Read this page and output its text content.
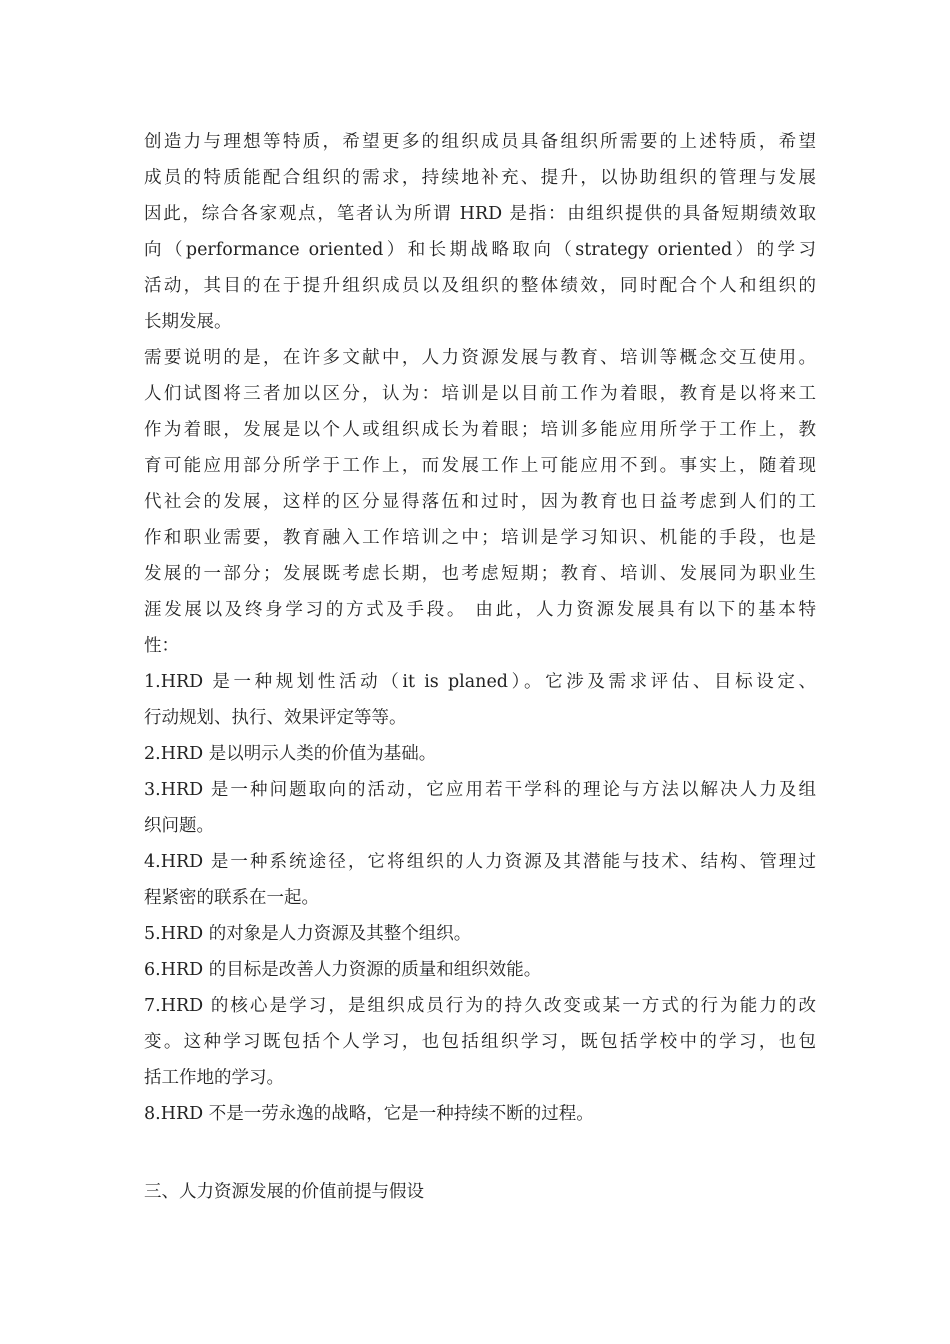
创造力与理想等特质，希望更多的组织成员具备组织所需要的上述特质，希望
成员的特质能配合组织的需求，持续地补充、提升，以协助组织的管理与发展
因此，综合各家观点，笔者认为所谓 HRD 是指：由组织提供的具备短期绩效取
向（performance oriented）和长期战略取向（strategy oriented）的学习
活动，其目的在于提升组织成员以及组织的整体绩效，同时配合个人和组织的
长期发展。
需要说明的是，在许多文献中，人力资源发展与教育、培训等概念交互使用。
人们试图将三者加以区分，认为：培训是以目前工作为着眼，教育是以将来工
作为着眼，发展是以个人或组织成长为着眼；培训多能应用所学于工作上，教
育可能应用部分所学于工作上，而发展工作上可能应用不到。事实上，随着现
代社会的发展，这样的区分显得落伍和过时，因为教育也日益考虑到人们的工
作和职业需要，教育融入工作培训之中；培训是学习知识、机能的手段，也是
发展的一部分；发展既考虑长期，也考虑短期；教育、培训、发展同为职业生
涯发展以及终身学习的方式及手段。 由此，人力资源发展具有以下的基本特
性：
1.HRD 是一种规划性活动（it is planed）。它涉及需求评估、目标设定、
行动规划、执行、效果评定等等。
2.HRD 是以明示人类的价值为基础。
3.HRD 是一种问题取向的活动，它应用若干学科的理论与方法以解决人力及组
织问题。
4.HRD 是一种系统途径，它将组织的人力资源及其潜能与技术、结构、管理过
程紧密的联系在一起。
5.HRD 的对象是人力资源及其整个组织。
6.HRD 的目标是改善人力资源的质量和组织效能。
7.HRD 的核心是学习，是组织成员行为的持久改变或某一方式的行为能力的改
变。这种学习既包括个人学习，也包括组织学习，既包括学校中的学习，也包
括工作地的学习。
8.HRD 不是一劳永逸的战略，它是一种持续不断的过程。
三、人力资源发展的价值前提与假设
